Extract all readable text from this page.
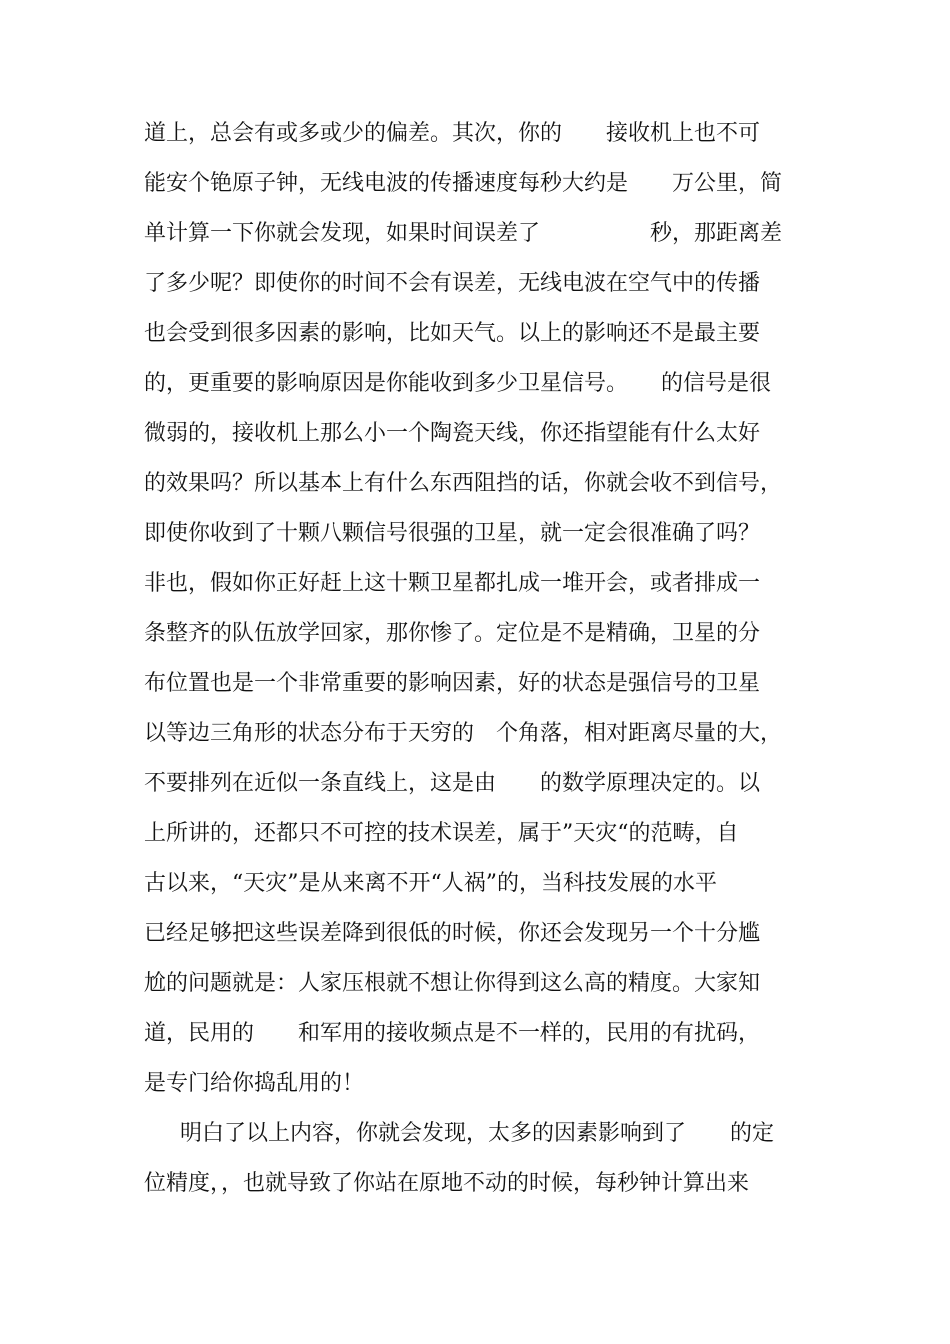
道上，总会有或多或少的偏差。其次，你的　　接收机上也不可
能安个铯原子钟，无线电波的传播速度每秒大约是　　万公里，简
单计算一下你就会发现，如果时间误差了　　　　　秒，那距离差
了多少呢？即使你的时间不会有误差，无线电波在空气中的传播
也会受到很多因素的影响，比如天气。以上的影响还不是最主要
的，更重要的影响原因是你能收到多少卫星信号。　　的信号是很
微弱的，接收机上那么小一个陶瓷天线，你还指望能有什么太好
的效果吗？所以基本上有什么东西阻挡的话，你就会收不到信号，
即使你收到了十颗八颗信号很强的卫星，就一定会很准确了吗？
非也，假如你正好赶上这十颗卫星都扎成一堆开会，或者排成一
条整齐的队伍放学回家，那你惨了。定位是不是精确，卫星的分
布位置也是一个非常重要的影响因素，好的状态是强信号的卫星
以等边三角形的状态分布于天穷的　个角落，相对距离尽量的大，
不要排列在近似一条直线上，这是由　　的数学原理决定的。以
上所讲的，还都只不可控的技术误差，属于”天灾“的范畴，自
古以来，“天灾”是从来离不开“人祸”的，当科技发展的水平
已经足够把这些误差降到很低的时候，你还会发现另一个十分尴
尬的问题就是：人家压根就不想让你得到这么高的精度。大家知
道，民用的　　和军用的接收频点是不一样的，民用的有扰码，
是专门给你捣乱用的！
明白了以上内容，你就会发现，太多的因素影响到了　　的定
位精度，，也就导致了你站在原地不动的时候，每秒钟计算出来
